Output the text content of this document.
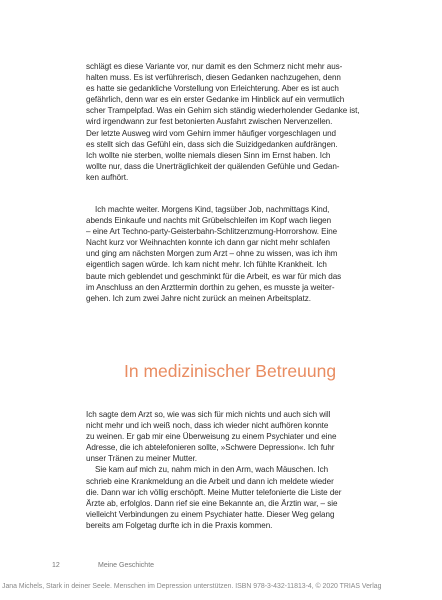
schlägt es diese Variante vor, nur damit es den Schmerz nicht mehr aus-
halten muss. Es ist verführerisch, diesen Gedanken nachzugehen, denn
es hatte sie gedankliche Vorstellung von Erleichterung. Aber es ist auch
gefährlich, denn war es ein erster Gedanke im Hinblick auf ein vermutlich
scher Trampelpfad. Was ein Gehirn sich ständig wiederholender Gedanke ist,
wird irgendwann zur fest betonierten Ausfahrt zwischen Nervenzellen.
Der letzte Ausweg wird vom Gehirn immer häufiger vorgeschlagen und
es stellt sich das Gefühl ein, dass sich die Suizidgedanken aufdrängen.
Ich wollte nie sterben, wollte niemals diesen Sinn im Ernst haben. Ich
wollte nur, dass die Unerträglichkeit der quälenden Gefühle und Gedan-
ken aufhört.
Ich machte weiter. Morgens Kind, tagsüber Job, nachmittags Kind,
abends Einkaufe und nachts mit Grübelschleifen im Kopf wach liegen
– eine Art Techno-party-Geisterbahn-Schlitzenzmung-Horrorshow. Eine
Nacht kurz vor Weihnachten konnte ich dann gar nicht mehr schlafen
und ging am nächsten Morgen zum Arzt – ohne zu wissen, was ich ihm
eigentlich sagen würde. Ich kam nicht mehr. Ich fühlte Krankheit. Ich
baute mich geblendet und geschminkt für die Arbeit, es war für mich das
im Anschluss an den Arzttermin dorthin zu gehen, es musste ja weiter-
gehen. Ich zum zwei Jahre nicht zurück an meinen Arbeitsplatz.
In medizinischer Betreuung
Ich sagte dem Arzt so, wie was sich für mich nichts und auch sich will
nicht mehr und ich weiß noch, dass ich wieder nicht aufhören konnte
zu weinen. Er gab mir eine Überweisung zu einem Psychiater und eine
Adresse, die ich abtelefonieren sollte, »Schwere Depression«. Ich fuhr
unser Tränen zu meiner Mutter.
Sie kam auf mich zu, nahm mich in den Arm, wach Mäuschen. Ich
schrieb eine Krankmeldung an die Arbeit und dann ich meldete wieder
die. Dann war ich völlig erschöpft. Meine Mutter telefonierte die Liste der
Ärzte ab, erfolglos. Dann rief sie eine Bekannte an, die Ärztin war, – sie
vielleicht Verbindungen zu einem Psychiater hatte. Dieser Weg gelang
bereits am Folgetag durfte ich in die Praxis kommen.
12	Meine Geschichte
Jana Michels, Stark in deiner Seele. Menschen im Depression unterstützen. ISBN 978-3-432-11813-4, © 2020 TRIAS Verlag
